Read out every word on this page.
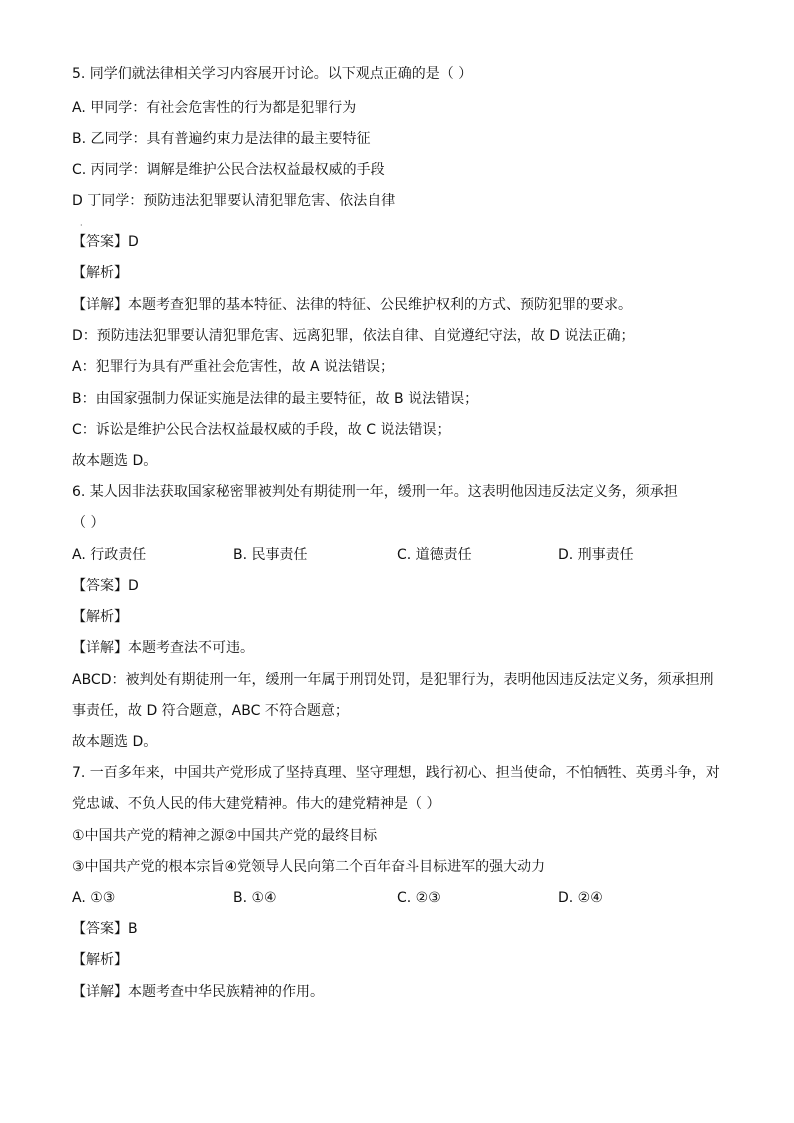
5. 同学们就法律相关学习内容展开讨论。以下观点正确的是（ ）
A. 甲同学：有社会危害性的行为都是犯罪行为
B. 乙同学：具有普遍约束力是法律的最主要特征
C. 丙同学：调解是维护公民合法权益最权威的手段
D 丁同学：预防违法犯罪要认清犯罪危害、依法自律
·
【答案】D
【解析】
【详解】本题考查犯罪的基本特征、法律的特征、公民维护权利的方式、预防犯罪的要求。
D：预防违法犯罪要认清犯罪危害、远离犯罪，依法自律、自觉遵纪守法，故 D 说法正确；
A：犯罪行为具有严重社会危害性，故 A 说法错误；
B：由国家强制力保证实施是法律的最主要特征，故 B 说法错误；
C：诉讼是维护公民合法权益最权威的手段，故 C 说法错误；
故本题选 D。
6. 某人因非法获取国家秘密罪被判处有期徒刑一年，缓刑一年。这表明他因违反法定义务，须承担
（ ）
A. 行政责任	B. 民事责任	C. 道德责任	D. 刑事责任
【答案】D
【解析】
【详解】本题考查法不可违。
ABCD：被判处有期徒刑一年，缓刑一年属于刑罚处罚，是犯罪行为，表明他因违反法定义务，须承担刑
事责任，故 D 符合题意，ABC 不符合题意；
故本题选 D。
7. 一百多年来，中国共产党形成了坚持真理、坚守理想，践行初心、担当使命，不怕牺牲、英勇斗争，对
党忠诚、不负人民的伟大建党精神。伟大的建党精神是（ ）
①中国共产党的精神之源②中国共产党的最终目标
③中国共产党的根本宗旨④党领导人民向第二个百年奋斗目标进军的强大动力
A. ①③	B. ①④	C. ②③	D. ②④
【答案】B
【解析】
【详解】本题考查中华民族精神的作用。
